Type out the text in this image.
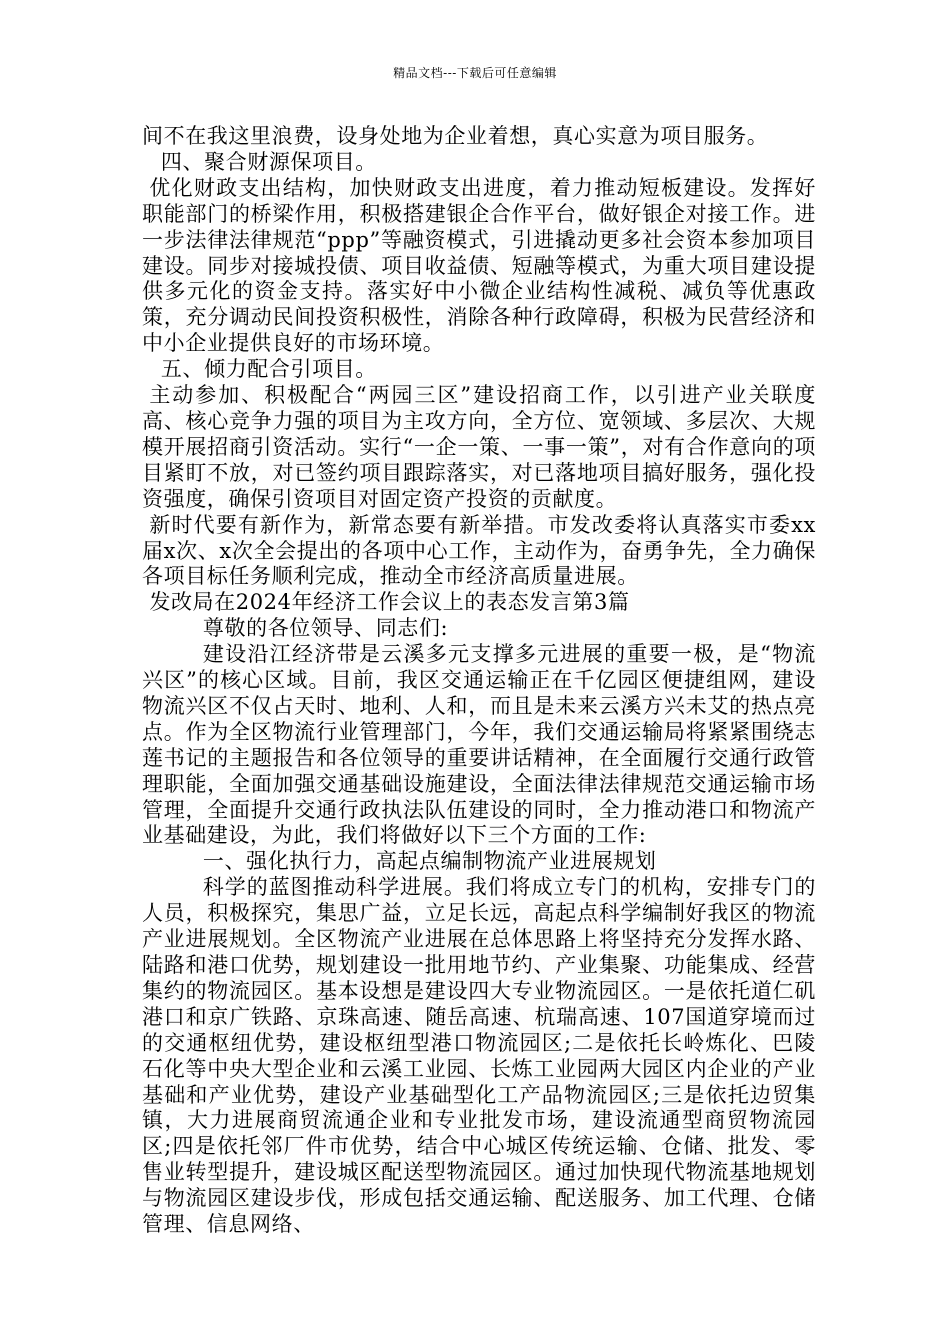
精品文档---下载后可任意编辑

间不在我这里浪费，设身处地为企业着想，真心实意为项目服务。

四、聚合财源保项目。

优化财政支出结构，加快财政支出进度，着力推动短板建设。发挥好职能部门的桥梁作用，积极搭建银企合作平台，做好银企对接工作。进一步法律法律规范“ppp”等融资模式，引进撬动更多社会资本参加项目建设。同步对接城投债、项目收益债、短融等模式，为重大项目建设提供多元化的资金支持。落实好中小微企业结构性减税、减负等优惠政策，充分调动民间投资积极性，消除各种行政障碍，积极为民营经济和中小企业提供良好的市场环境。

五、倾力配合引项目。

主动参加、积极配合“两园三区”建设招商工作，以引进产业关联度高、核心竞争力强的项目为主攻方向，全方位、宽领域、多层次、大规模开展招商引资活动。实行“一企一策、一事一策”，对有合作意向的项目紧盯不放，对已签约项目跟踪落实，对已落地项目搞好服务，强化投资强度，确保引资项目对固定资产投资的贡献度。

新时代要有新作为，新常态要有新举措。市发改委将认真落实市委xx届x次、x次全会提出的各项中心工作，主动作为，奋勇争先，全力确保各项目标任务顺利完成，推动全市经济高质量进展。

发改局在2024年经济工作会议上的表态发言第3篇

尊敬的各位领导、同志们:

建设沿江经济带是云溪多元支撑多元进展的重要一极，是“物流兴区”的核心区域。目前，我区交通运输正在千亿园区便捷组网，建设物流兴区不仅占天时、地利、人和，而且是未来云溪方兴未艾的热点亮点。作为全区物流行业管理部门，今年，我们交通运输局将紧紧围绕志莲书记的主题报告和各位领导的重要讲话精神，在全面履行交通行政管理职能，全面加强交通基础设施建设，全面法律法律规范交通运输市场管理，全面提升交通行政执法队伍建设的同时，全力推动港口和物流产业基础建设，为此，我们将做好以下三个方面的工作:

一、强化执行力，高起点编制物流产业进展规划

科学的蓝图推动科学进展。我们将成立专门的机构，安排专门的人员，积极探究，集思广益，立足长远，高起点科学编制好我区的物流产业进展规划。全区物流产业进展在总体思路上将坚持充分发挥水路、陆路和港口优势，规划建设一批用地节约、产业集聚、功能集成、经营集约的物流园区。基本设想是建设四大专业物流园区。一是依托道仁矶港口和京广铁路、京珠高速、随岳高速、杭瑞高速、107国道穿境而过的交通枢纽优势，建设枢纽型港口物流园区;二是依托长岭炼化、巴陵石化等中央大型企业和云溪工业园、长炼工业园两大园区内企业的产业基础和产业优势，建设产业基础型化工产品物流园区;三是依托边贸集镇，大力进展商贸流通企业和专业批发市场，建设流通型商贸物流园区;四是依托邻厂件市优势，结合中心城区传统运输、仓储、批发、零售业转型提升，建设城区配送型物流园区。通过加快现代物流基地规划与物流园区建设步伐，形成包括交通运输、配送服务、加工代理、仓储管理、信息网络、
